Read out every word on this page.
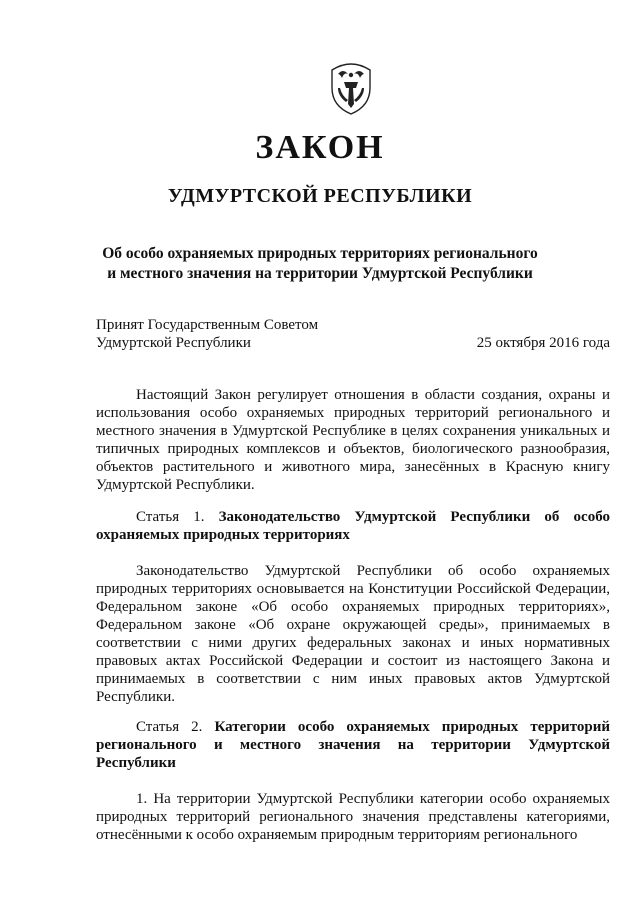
ЗАКОН
УДМУРТСКОЙ РЕСПУБЛИКИ
Об особо охраняемых природных территориях регионального
и местного значения на территории Удмуртской Республики
Принят Государственным Советом
Удмуртской Республики	25 октября 2016 года

Настоящий Закон регулирует отношения в области создания, охраны и использования особо охраняемых природных территорий регионального и местного значения в Удмуртской Республике в целях сохранения уникальных и типичных природных комплексов и объектов, биологического разнообразия, объектов растительного и животного мира, занесённых в Красную книгу Удмуртской Республики.

Статья 1. Законодательство Удмуртской Республики об особо охраняемых природных территориях

Законодательство Удмуртской Республики об особо охраняемых природных территориях основывается на Конституции Российской Федерации, Федеральном законе «Об особо охраняемых природных территориях», Федеральном законе «Об охране окружающей среды», принимаемых в соответствии с ними других федеральных законах и иных нормативных правовых актах Российской Федерации и состоит из настоящего Закона и принимаемых в соответствии с ним иных правовых актов Удмуртской Республики.

Статья 2. Категории особо охраняемых природных территорий регионального и местного значения на территории Удмуртской Республики

1. На территории Удмуртской Республики категории особо охраняемых природных территорий регионального значения представлены категориями, отнесёнными к особо охраняемым природным территориям регионального
